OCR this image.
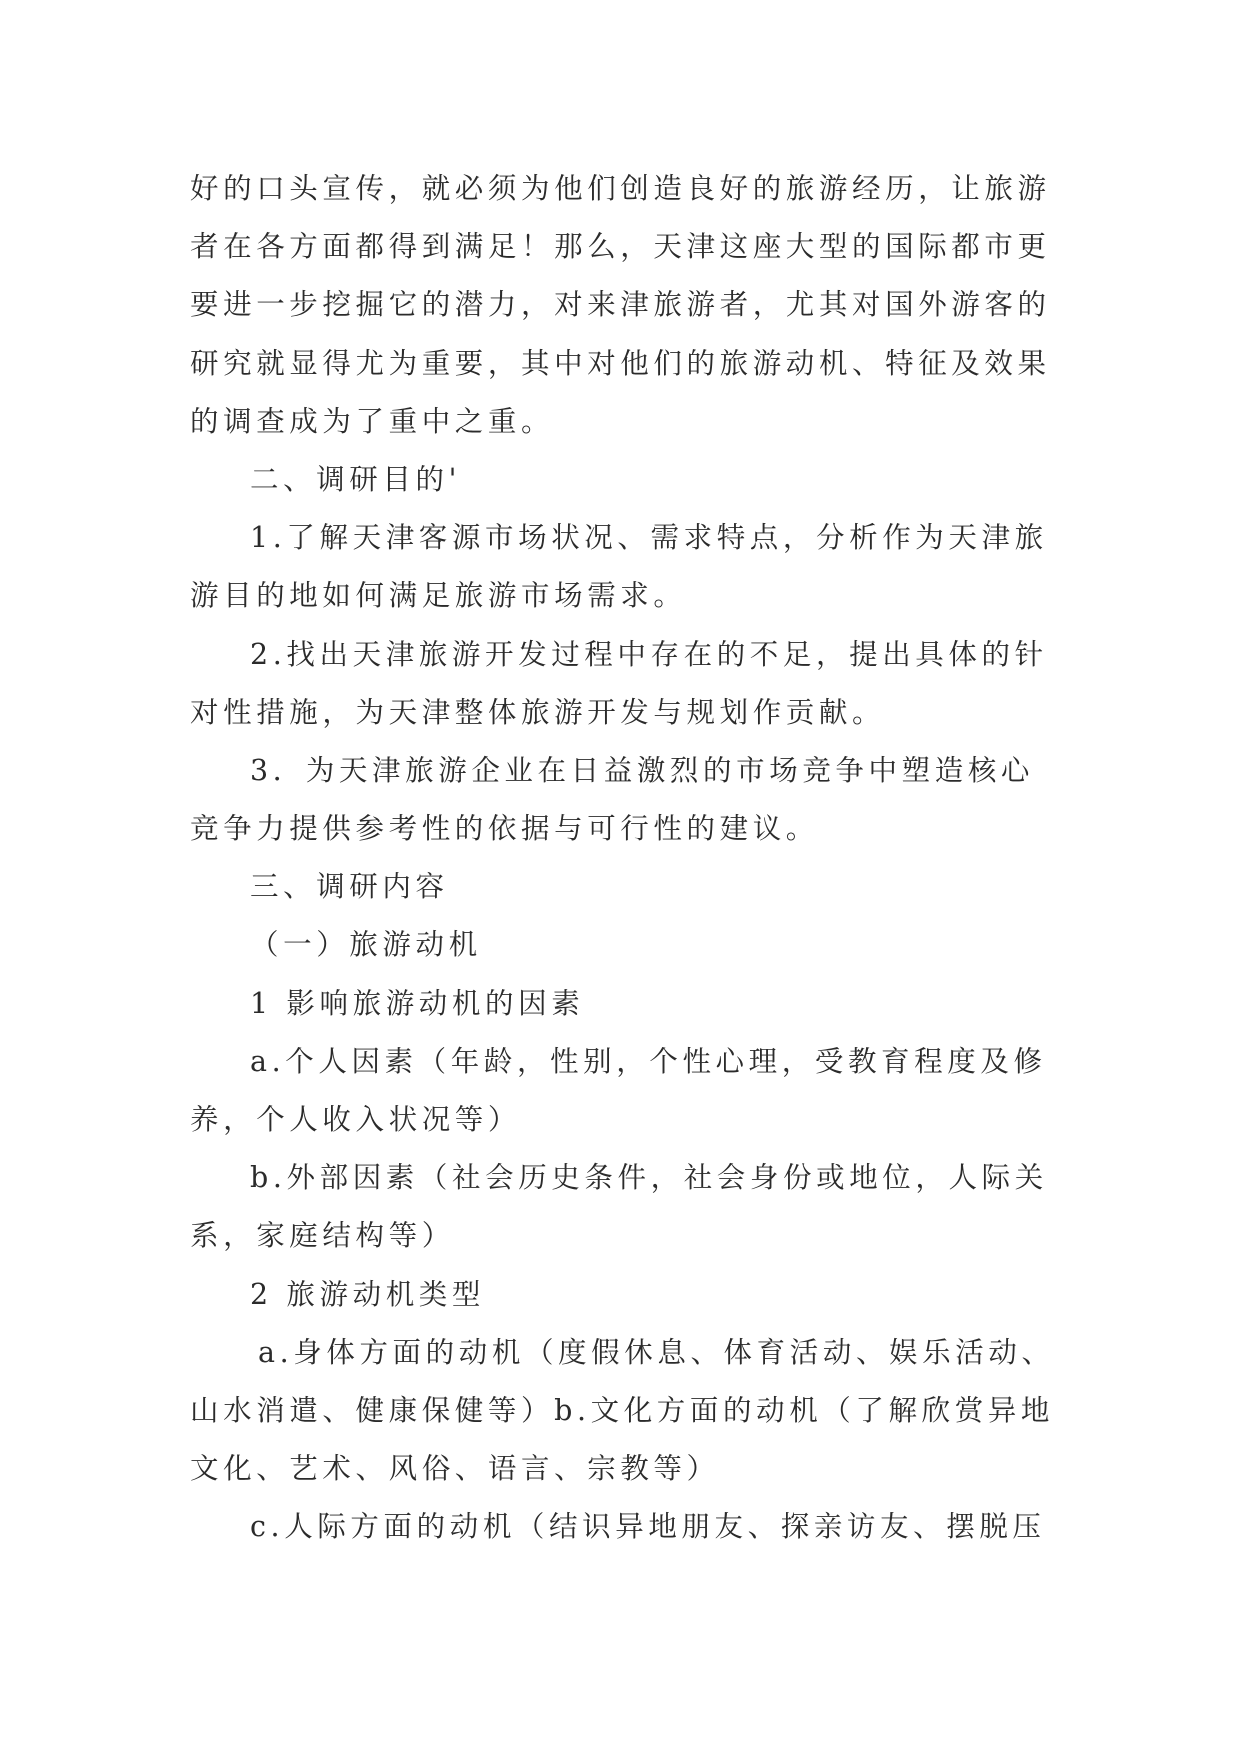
好的口头宣传，就必须为他们创造良好的旅游经历，让旅游
者在各方面都得到满足！那么，天津这座大型的国际都市更
要进一步挖掘它的潜力，对来津旅游者，尤其对国外游客的
研究就显得尤为重要，其中对他们的旅游动机、特征及效果
的调查成为了重中之重。
二、调研目的'
1.了解天津客源市场状况、需求特点，分析作为天津旅
游目的地如何满足旅游市场需求。
2.找出天津旅游开发过程中存在的不足，提出具体的针
对性措施，为天津整体旅游开发与规划作贡献。
3．为天津旅游企业在日益激烈的市场竞争中塑造核心
竞争力提供参考性的依据与可行性的建议。
三、调研内容
（一）旅游动机
1 影响旅游动机的因素
a.个人因素（年龄，性别，个性心理，受教育程度及修
养，个人收入状况等）
b.外部因素（社会历史条件，社会身份或地位，人际关
系，家庭结构等）
2 旅游动机类型
a.身体方面的动机（度假休息、体育活动、娱乐活动、
山水消遣、健康保健等）b.文化方面的动机（了解欣赏异地
文化、艺术、风俗、语言、宗教等）
c.人际方面的动机（结识异地朋友、探亲访友、摆脱压
